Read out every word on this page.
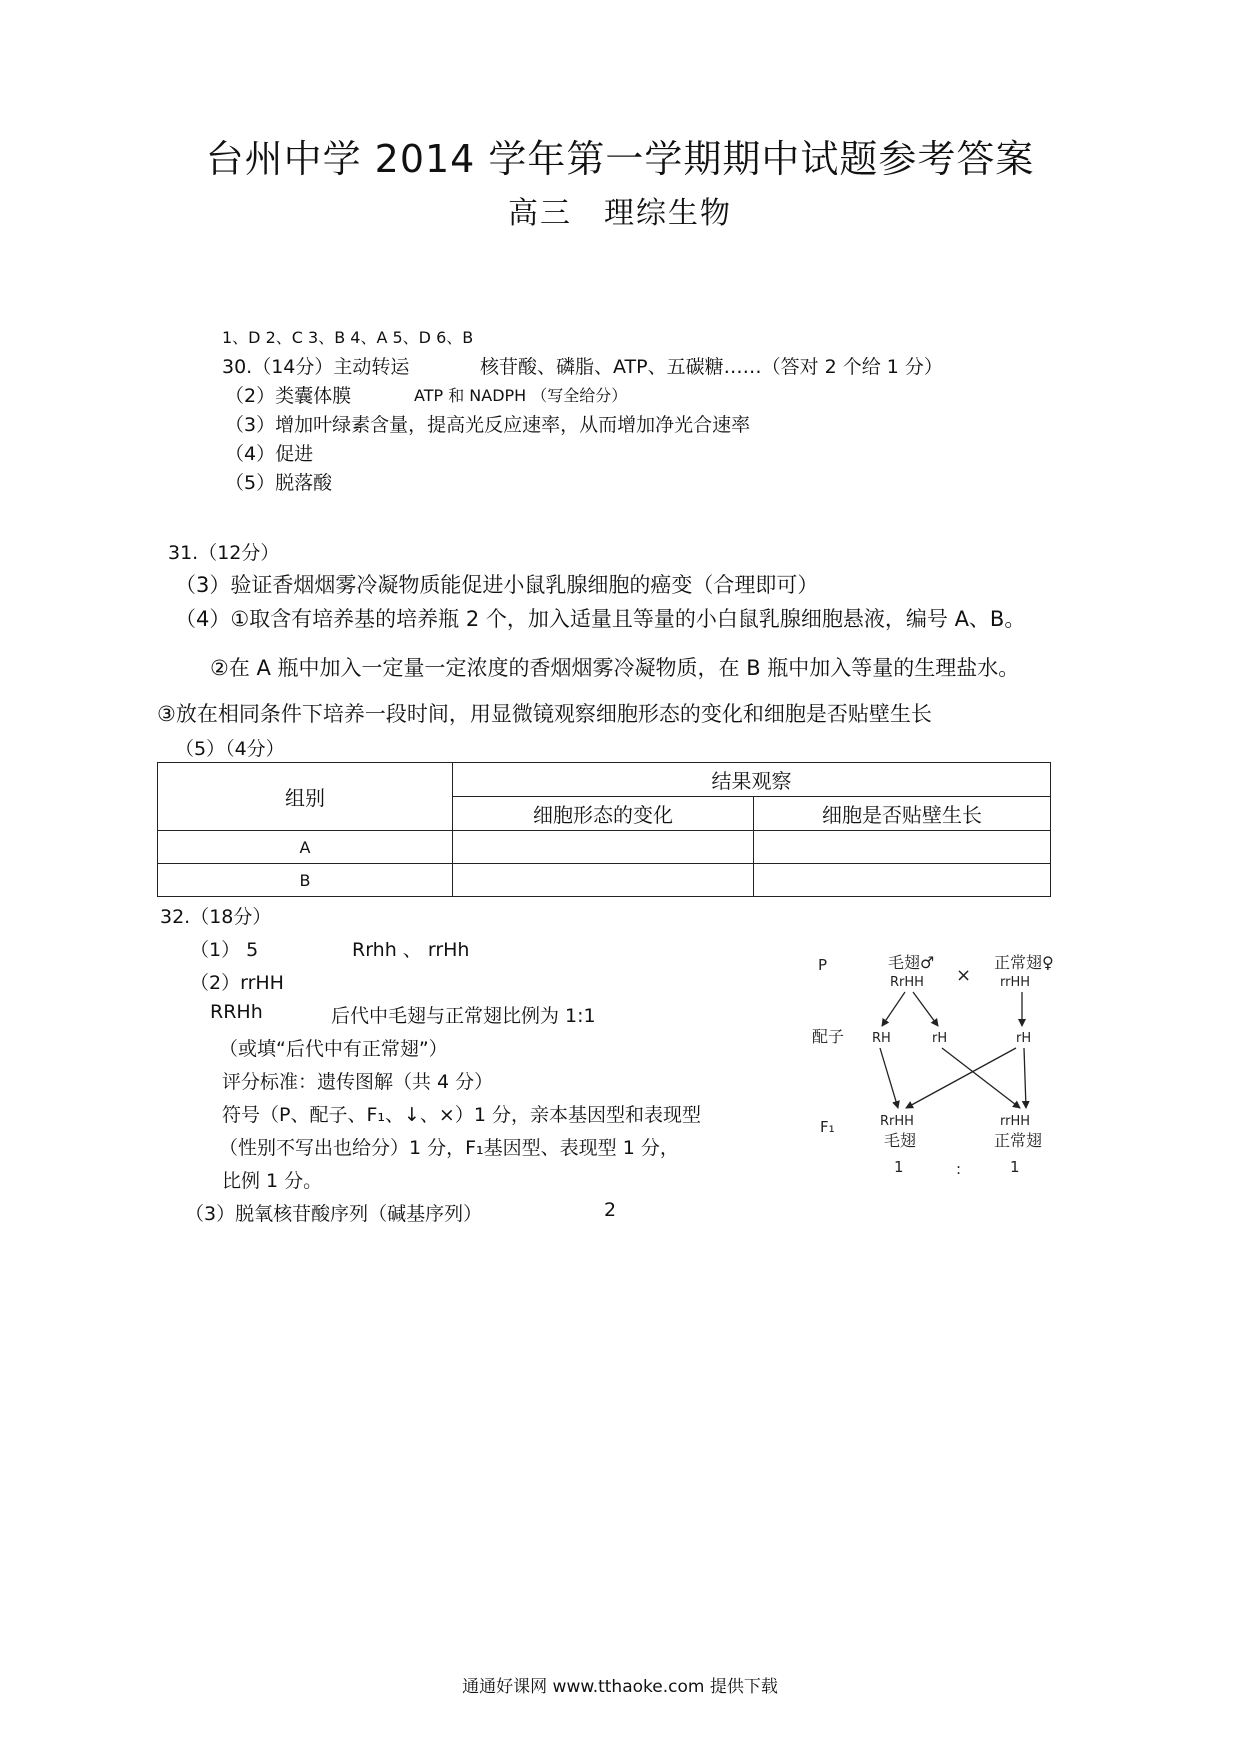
台州中学 2014 学年第一学期期中试题参考答案
高三　理综生物
1、D 2、C 3、B 4、A 5、D 6、B
30.（14分）主动转运	核苷酸、磷脂、ATP、五碳糖……（答对 2 个给 1 分）
（2）类囊体膜	ATP 和 NADPH （写全给分）
（3）增加叶绿素含量，提高光反应速率，从而增加净光合速率
（4）促进
（5）脱落酸
31.（12分）
（3）验证香烟烟雾冷凝物质能促进小鼠乳腺细胞的癌变（合理即可）
（4）①取含有培养基的培养瓶 2 个，加入适量且等量的小白鼠乳腺细胞悬液，编号 A、B。
②在 A 瓶中加入一定量一定浓度的香烟烟雾冷凝物质，在 B 瓶中加入等量的生理盐水。
③放在相同条件下培养一段时间，用显微镜观察细胞形态的变化和细胞是否贴壁生长
（5）（4分）
组别	结果观察	
	细胞形态的变化	细胞是否贴壁生长
A		
B		
32.（18分）
（1） 5	Rrhh 、 rrHh
（2）rrHH
RRHh	后代中毛翅与正常翅比例为 1:1
（或填“后代中有正常翅”）
评分标准：遗传图解（共 4 分）
符号（P、配子、F₁、↓、×）1 分，亲本基因型和表现型
（性别不写出也给分）1 分，F₁基因型、表现型 1 分，
比例 1 分。
（3）脱氧核苷酸序列（碱基序列）	2
P	毛翅♂
RrHH ×
正常翅♀
rrHH
配子 RH	rH	rH
F₁	RrHH
毛翅
rrHH
正常翅
1	:	1
通通好课网 www.tthaoke.com 提供下载
